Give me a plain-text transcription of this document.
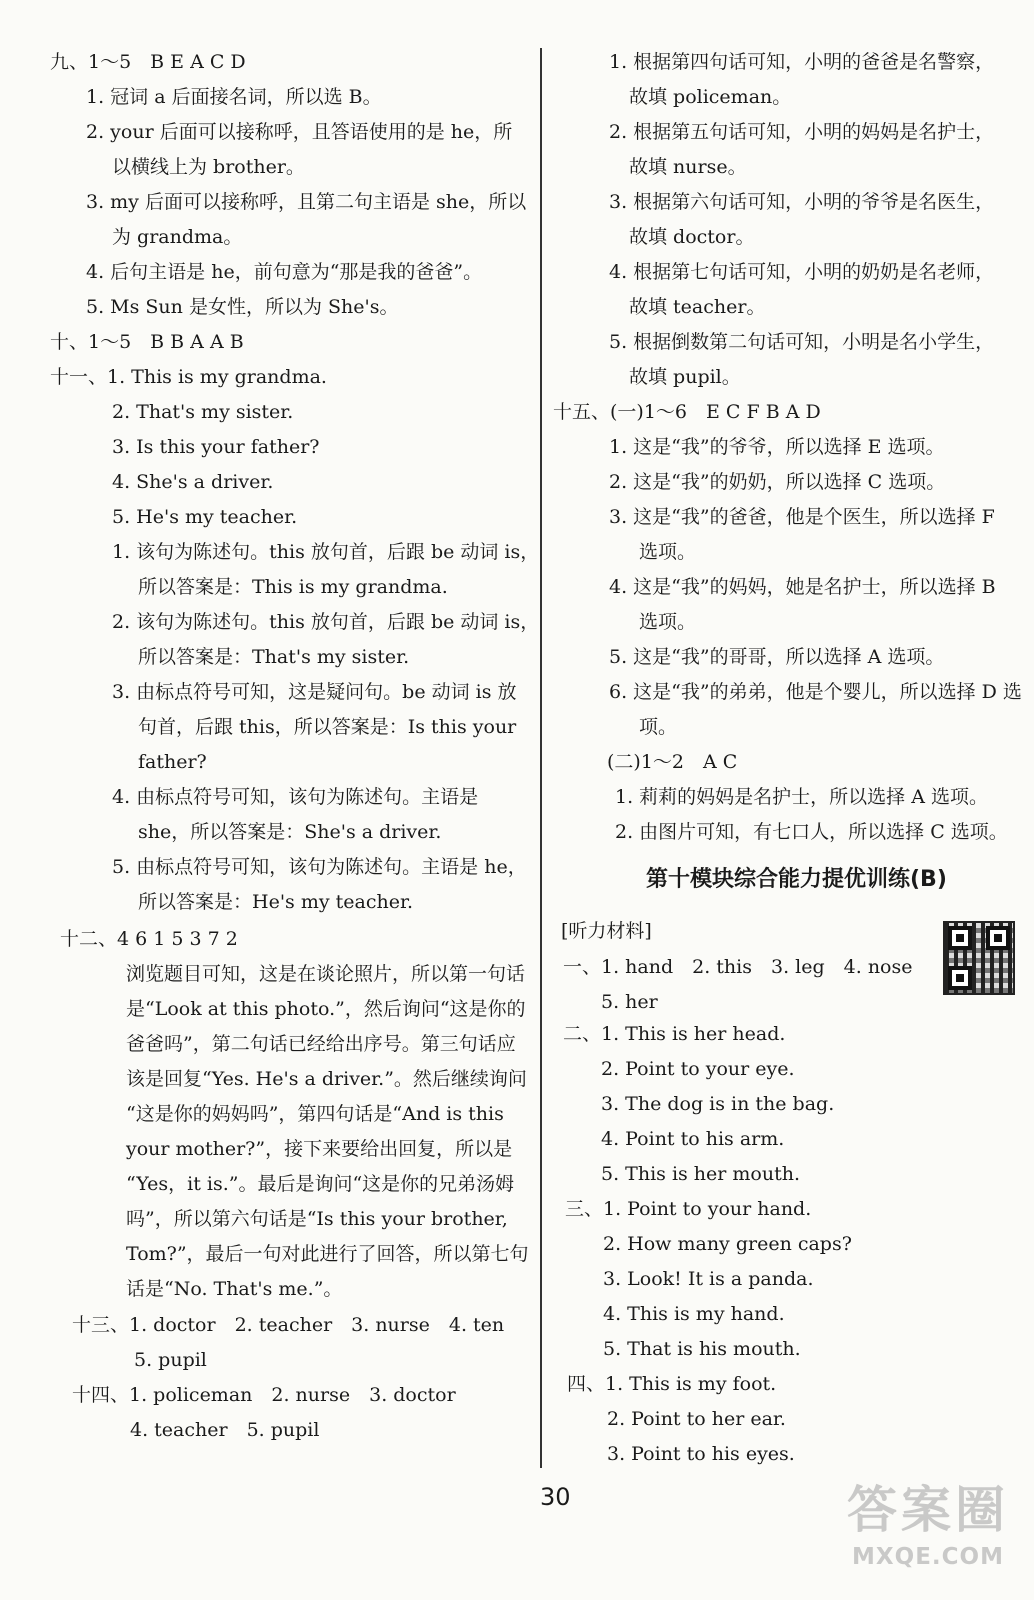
九、1～5　B E A C D
1. 冠词 a 后面接名词，所以选 B。
2. your 后面可以接称呼，且答语使用的是 he，所
以横线上为 brother。
3. my 后面可以接称呼，且第二句主语是 she，所以
为 grandma。
4. 后句主语是 he，前句意为“那是我的爸爸”。
5. Ms Sun 是女性，所以为 She's。
十、1～5　B B A A B
十一、1. This is my grandma.
2. That's my sister.
3. Is this your father?
4. She's a driver.
5. He's my teacher.
1. 该句为陈述句。this 放句首，后跟 be 动词 is，
所以答案是：This is my grandma.
2. 该句为陈述句。this 放句首，后跟 be 动词 is，
所以答案是：That's my sister.
3. 由标点符号可知，这是疑问句。be 动词 is 放
句首，后跟 this，所以答案是：Is this your
father?
4. 由标点符号可知，该句为陈述句。主语是
she，所以答案是：She's a driver.
5. 由标点符号可知，该句为陈述句。主语是 he，
所以答案是：He's my teacher.
十二、4 6 1 5 3 7 2
浏览题目可知，这是在谈论照片，所以第一句话
是“Look at this photo.”，然后询问“这是你的
爸爸吗”，第二句话已经给出序号。第三句话应
该是回复“Yes. He's a driver.”。然后继续询问
“这是你的妈妈吗”，第四句话是“And is this
your mother?”，接下来要给出回复，所以是
“Yes，it is.”。最后是询问“这是你的兄弟汤姆
吗”，所以第六句话是“Is this your brother,
Tom?”，最后一句对此进行了回答，所以第七句
话是“No. That's me.”。
十三、1. doctor　2. teacher　3. nurse　4. ten
5. pupil
十四、1. policeman　2. nurse　3. doctor
4. teacher　5. pupil
1. 根据第四句话可知，小明的爸爸是名警察，
故填 policeman。
2. 根据第五句话可知，小明的妈妈是名护士，
故填 nurse。
3. 根据第六句话可知，小明的爷爷是名医生，
故填 doctor。
4. 根据第七句话可知，小明的奶奶是名老师，
故填 teacher。
5. 根据倒数第二句话可知，小明是名小学生，
故填 pupil。
十五、(一)1～6　E C F B A D
1. 这是“我”的爷爷，所以选择 E 选项。
2. 这是“我”的奶奶，所以选择 C 选项。
3. 这是“我”的爸爸，他是个医生，所以选择 F
选项。
4. 这是“我”的妈妈，她是名护士，所以选择 B
选项。
5. 这是“我”的哥哥，所以选择 A 选项。
6. 这是“我”的弟弟，他是个婴儿，所以选择 D 选
项。
(二)1～2　A C
1. 莉莉的妈妈是名护士，所以选择 A 选项。
2. 由图片可知，有七口人，所以选择 C 选项。
[听力材料]
一、1. hand　2. this　3. leg　4. nose
5. her
二、1. This is her head.
2. Point to your eye.
3. The dog is in the bag.
4. Point to his arm.
5. This is her mouth.
三、1. Point to your hand.
2. How many green caps?
3. Look! It is a panda.
4. This is my hand.
5. That is his mouth.
四、1. This is my foot.
2. Point to her ear.
3. Point to his eyes.
第十模块综合能力提优训练(B)
30	答案圈
MXQE.COM
